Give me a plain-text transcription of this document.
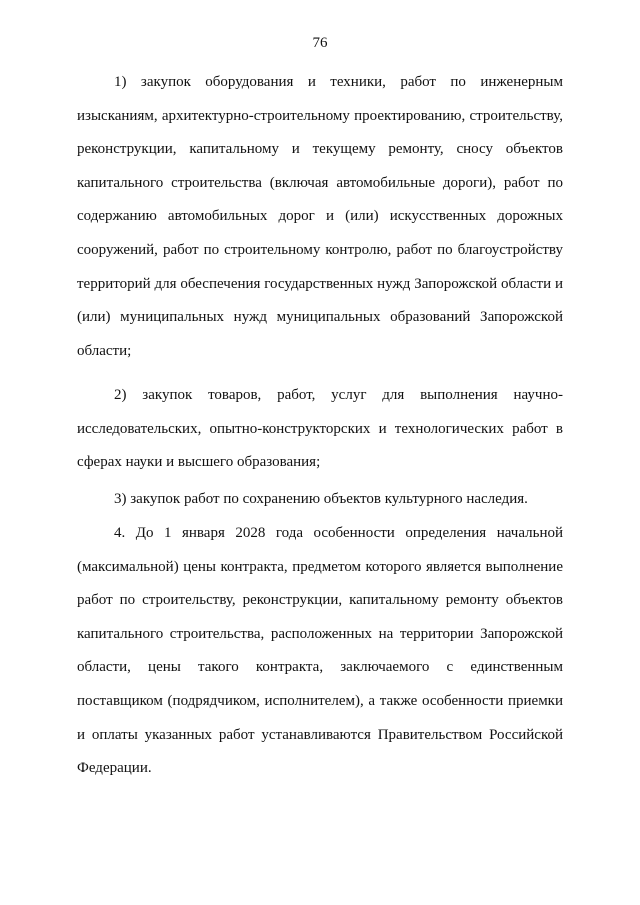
76

1) закупок оборудования и техники, работ по инженерным изысканиям, архитектурно-строительному проектированию, строительству, реконструкции, капитальному и текущему ремонту, сносу объектов капитального строительства (включая автомобильные дороги), работ по содержанию автомобильных дорог и (или) искусственных дорожных сооружений, работ по строительному контролю, работ по благоустройству территорий для обеспечения государственных нужд Запорожской области и (или) муниципальных нужд муниципальных образований Запорожской области;

2) закупок товаров, работ, услуг для выполнения научно-исследовательских, опытно-конструкторских и технологических работ в сферах науки и высшего образования;

3) закупок работ по сохранению объектов культурного наследия.

4. До 1 января 2028 года особенности определения начальной (максимальной) цены контракта, предметом которого является выполнение работ по строительству, реконструкции, капитальному ремонту объектов капитального строительства, расположенных на территории Запорожской области, цены такого контракта, заключаемого с единственным поставщиком (подрядчиком, исполнителем), а также особенности приемки и оплаты указанных работ устанавливаются Правительством Российской Федерации.
